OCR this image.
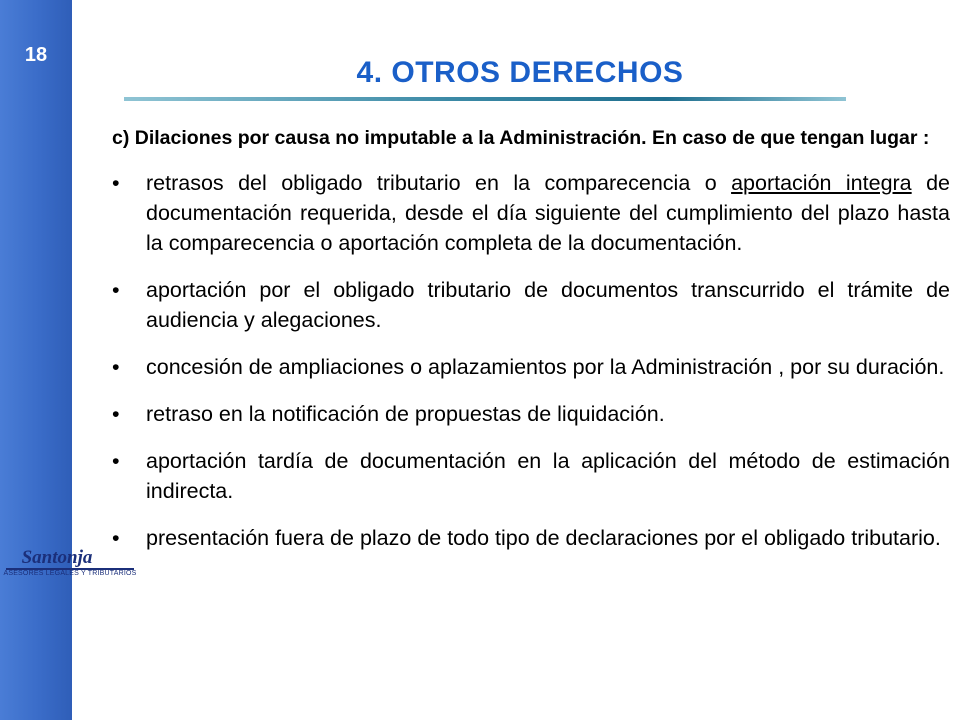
18
4. OTROS DERECHOS
Santonja
ASESORES LEGALES Y TRIBUTARIOS
c) Dilaciones por causa no imputable a la Administración. En caso de que tengan lugar :
•	retrasos del obligado tributario en la comparecencia o aportación integra de documentación requerida, desde el día siguiente del cumplimiento del plazo hasta la comparecencia o aportación completa de la documentación.
•	aportación por el obligado tributario de documentos transcurrido el trámite de audiencia y alegaciones.
•	concesión de ampliaciones o aplazamientos por la Administración , por su duración.
•	retraso en la notificación de propuestas de liquidación.
•	aportación tardía de documentación en la aplicación del método de estimación indirecta.
•	presentación fuera de plazo de todo tipo de declaraciones por el obligado tributario.
